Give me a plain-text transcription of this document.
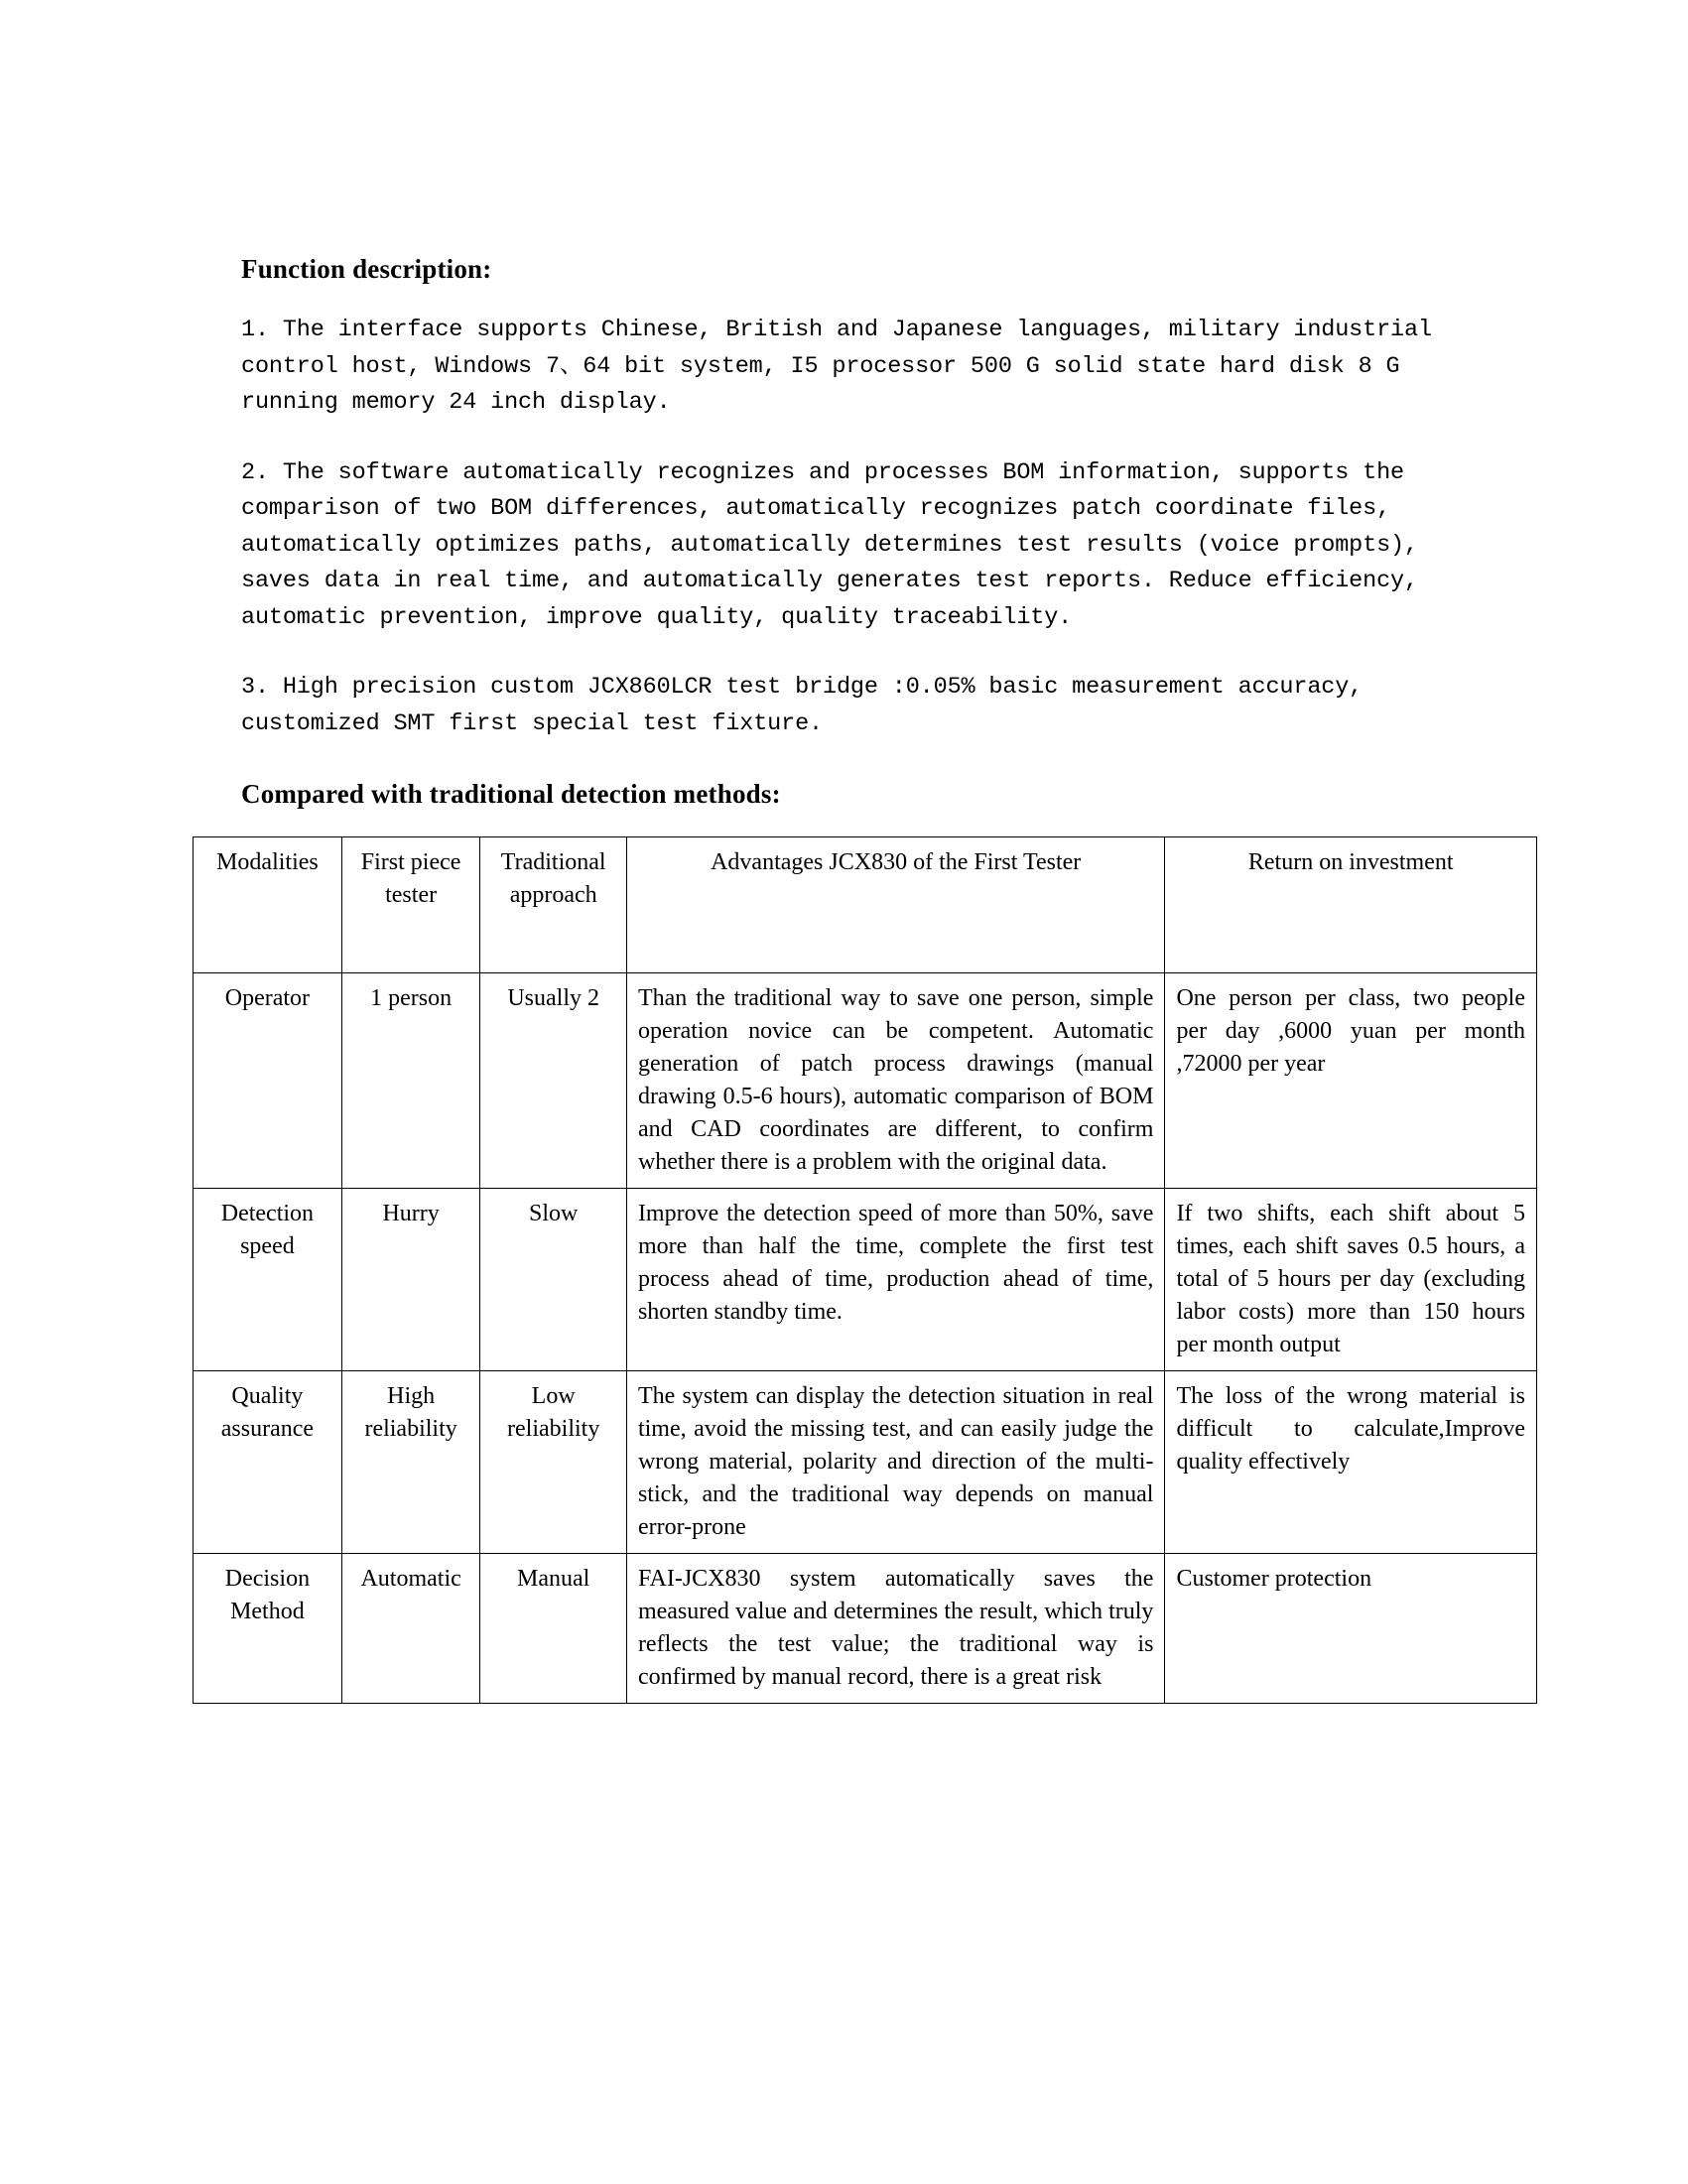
Function description:

1. The interface supports Chinese, British and Japanese languages, military industrial control host, Windows 7、64 bit system, I5 processor 500 G solid state hard disk 8 G running memory 24 inch display.

2. The software automatically recognizes and processes BOM information, supports the comparison of two BOM differences, automatically recognizes patch coordinate files, automatically optimizes paths, automatically determines test results (voice prompts), saves data in real time, and automatically generates test reports. Reduce efficiency, automatic prevention, improve quality, quality traceability.

3. High precision custom JCX860LCR test bridge :0.05% basic measurement accuracy, customized SMT first special test fixture.

Compared with traditional detection methods:
Modalities	First piece tester	Traditional approach	Advantages JCX830 of the First Tester	Return on investment
Operator	1 person	Usually 2	Than the traditional way to save one person, simple operation novice can be competent. Automatic generation of patch process drawings (manual drawing 0.5-6 hours), automatic comparison of BOM and CAD coordinates are different, to confirm whether there is a problem with the original data.	One person per class, two people per day ,6000 yuan per month ,72000 per year
Detection speed	Hurry	Slow	Improve the detection speed of more than 50%, save more than half the time, complete the first test process ahead of time, production ahead of time, shorten standby time.	If two shifts, each shift about 5 times, each shift saves 0.5 hours, a total of 5 hours per day (excluding labor costs) more than 150 hours per month output
Quality assurance	High reliability	Low reliability	The system can display the detection situation in real time, avoid the missing test, and can easily judge the wrong material, polarity and direction of the multi-stick, and the traditional way depends on manual error-prone	The loss of the wrong material is difficult to calculate,Improve quality effectively
Decision Method	Automatic	Manual	FAI-JCX830 system automatically saves the measured value and determines the result, which truly reflects the test value; the traditional way is confirmed by manual record, there is a great risk	Customer protection
